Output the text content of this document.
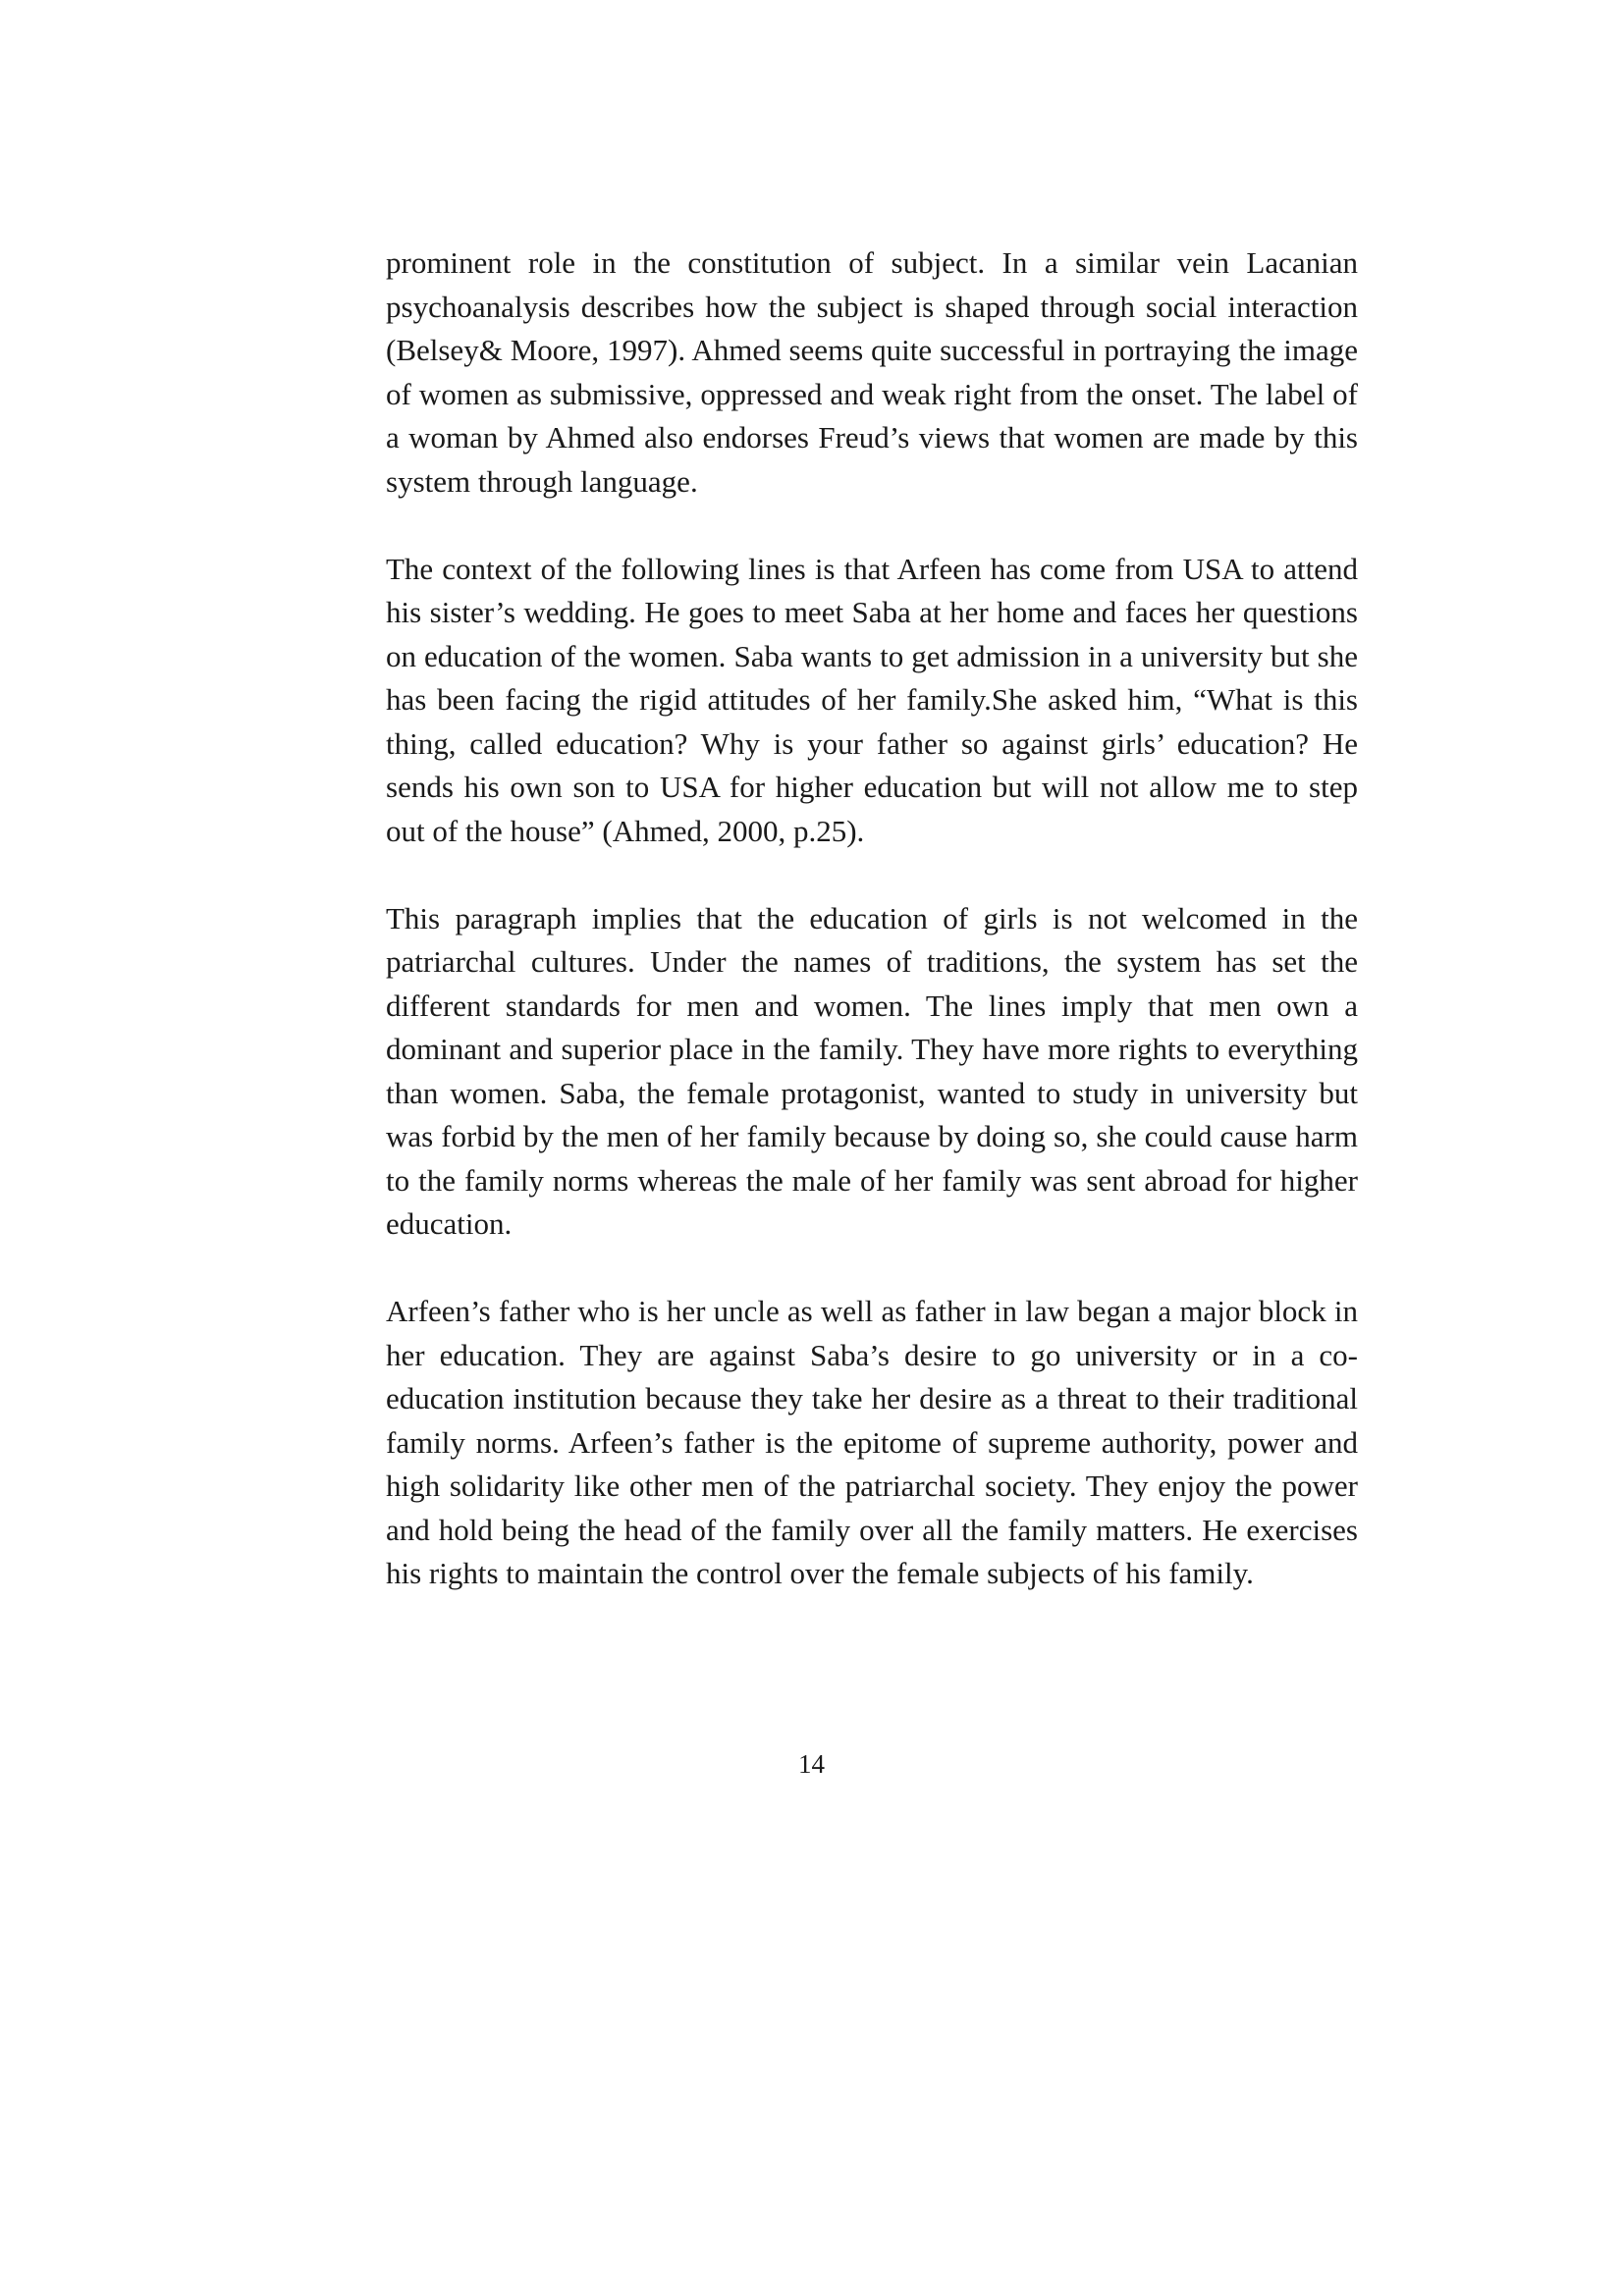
prominent role in the constitution of subject. In a similar vein Lacanian psychoanalysis describes how the subject is shaped through social interaction (Belsey& Moore, 1997). Ahmed seems quite successful in portraying the image of women as submissive, oppressed and weak right from the onset. The label of a woman by Ahmed also endorses Freud’s views that women are made by this system through language.

The context of the following lines is that Arfeen has come from USA to attend his sister’s wedding. He goes to meet Saba at her home and faces her questions on education of the women. Saba wants to get admission in a university but she has been facing the rigid attitudes of her family.She asked him, “What is this thing, called education? Why is your father so against girls’ education? He sends his own son to USA for higher education but will not allow me to step out of the house” (Ahmed, 2000, p.25).

This paragraph implies that the education of girls is not welcomed in the patriarchal cultures. Under the names of traditions, the system has set the different standards for men and women. The lines imply that men own a dominant and superior place in the family. They have more rights to everything than women. Saba, the female protagonist, wanted to study in university but was forbid by the men of her family because by doing so, she could cause harm to the family norms whereas the male of her family was sent abroad for higher education.

Arfeen’s father who is her uncle as well as father in law began a major block in her education. They are against Saba’s desire to go university or in a co-education institution because they take her desire as a threat to their traditional family norms. Arfeen’s father is the epitome of supreme authority, power and high solidarity like other men of the patriarchal society. They enjoy the power and hold being the head of the family over all the family matters. He exercises his rights to maintain the control over the female subjects of his family.

14
